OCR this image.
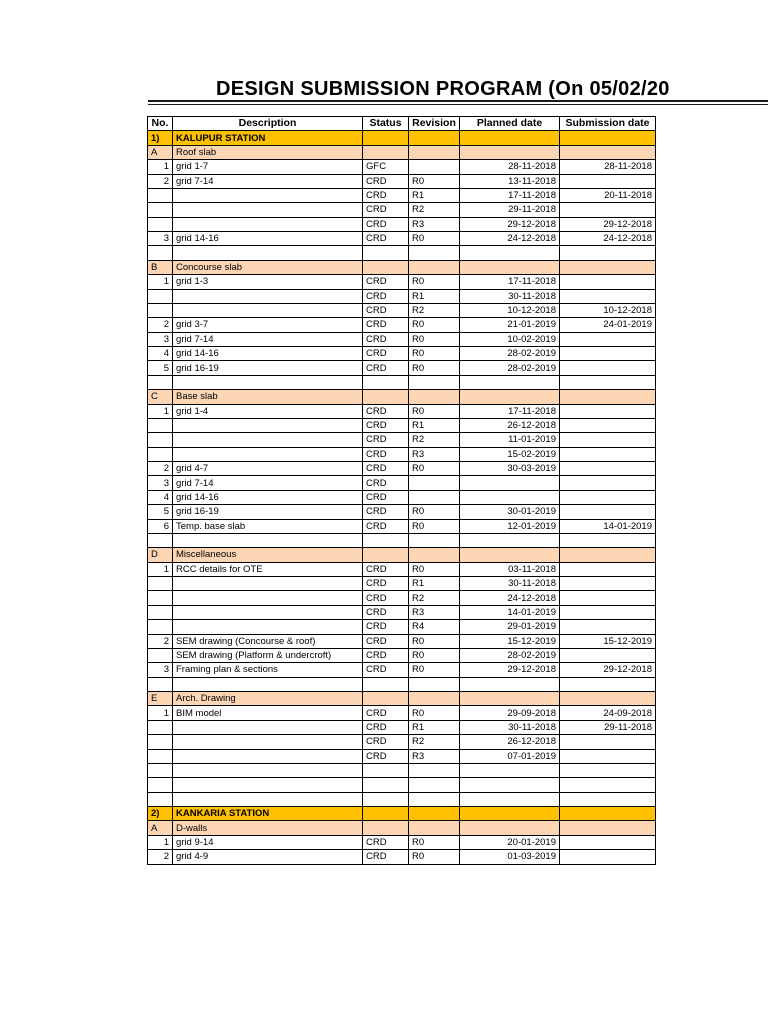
DESIGN SUBMISSION PROGRAM (On 05/02/20
No.	Description	Status	Revision	Planned date	Submission date
1)	KALUPUR STATION				
A	Roof slab				
1	grid 1-7	GFC		28-11-2018	28-11-2018
2	grid 7-14	CRD	R0	13-11-2018	
		CRD	R1	17-11-2018	20-11-2018
		CRD	R2	29-11-2018	
		CRD	R3	29-12-2018	29-12-2018
3	grid 14-16	CRD	R0	24-12-2018	24-12-2018

B	Concourse slab				
1	grid 1-3	CRD	R0	17-11-2018	
		CRD	R1	30-11-2018	
		CRD	R2	10-12-2018	10-12-2018
2	grid 3-7	CRD	R0	21-01-2019	24-01-2019
3	grid 7-14	CRD	R0	10-02-2019	
4	grid 14-16	CRD	R0	28-02-2019	
5	grid 16-19	CRD	R0	28-02-2019	

C	Base slab				
1	grid 1-4	CRD	R0	17-11-2018	
		CRD	R1	26-12-2018	
		CRD	R2	11-01-2019	
		CRD	R3	15-02-2019	
2	grid 4-7	CRD	R0	30-03-2019	
3	grid 7-14	CRD			
4	grid 14-16	CRD			
5	grid 16-19	CRD	R0	30-01-2019	
6	Temp. base slab	CRD	R0	12-01-2019	14-01-2019

D	Miscellaneous				
1	RCC details for OTE	CRD	R0	03-11-2018	
		CRD	R1	30-11-2018	
		CRD	R2	24-12-2018	
		CRD	R3	14-01-2019	
		CRD	R4	29-01-2019	
2	SEM drawing (Concourse & roof)	CRD	R0	15-12-2019	15-12-2019
	SEM drawing (Platform & undercroft)	CRD	R0	28-02-2019	
3	Framing plan & sections	CRD	R0	29-12-2018	29-12-2018

E	Arch. Drawing				
1	BIM model	CRD	R0	29-09-2018	24-09-2018
		CRD	R1	30-11-2018	29-11-2018
		CRD	R2	26-12-2018	
		CRD	R3	07-01-2019	

2)	KANKARIA STATION				
A	D-walls				
1	grid 9-14	CRD	R0	20-01-2019	
2	grid 4-9	CRD	R0	01-03-2019	
